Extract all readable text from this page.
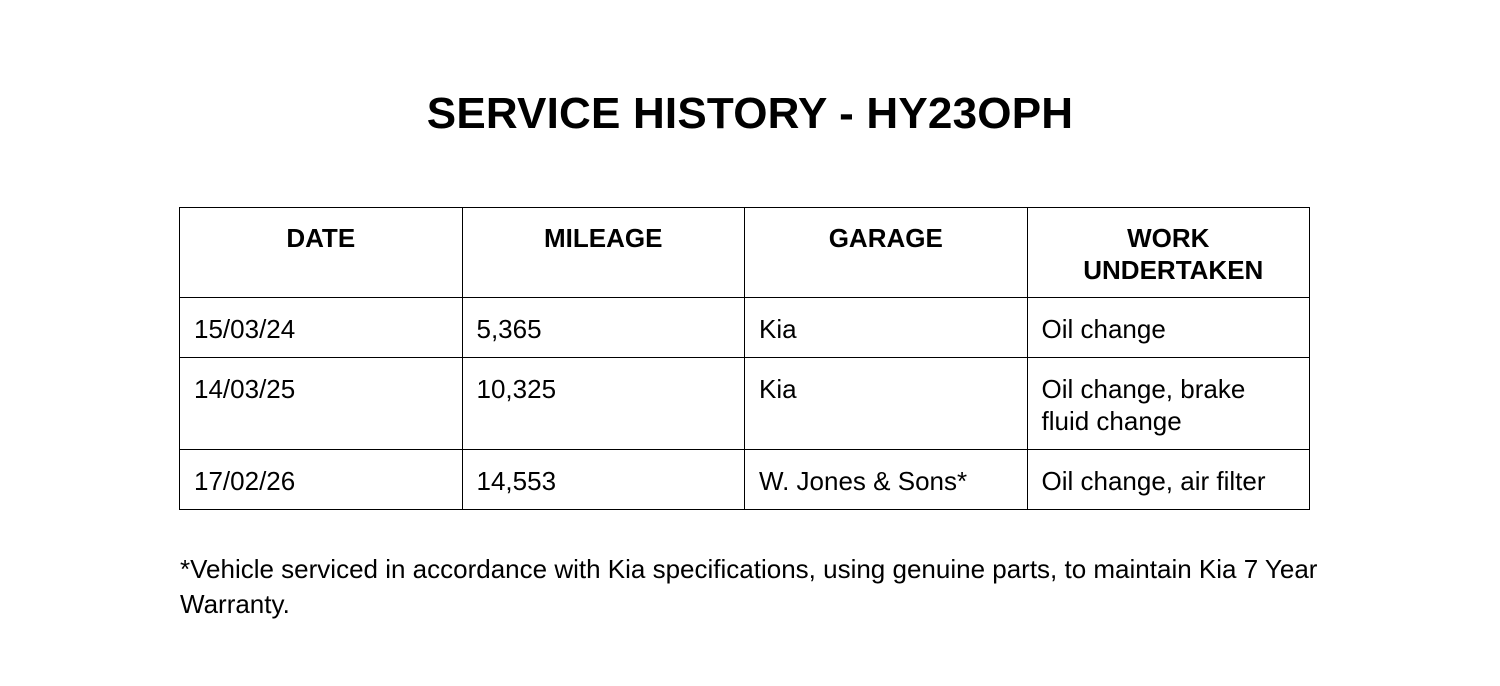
SERVICE HISTORY - HY23OPH
DATE	MILEAGE	GARAGE	WORK UNDERTAKEN
15/03/24	5,365	Kia	Oil change
14/03/25	10,325	Kia	Oil change, brake fluid change
17/02/26	14,553	W. Jones & Sons*	Oil change, air filter

*Vehicle serviced in accordance with Kia specifications, using genuine parts, to maintain Kia 7 Year Warranty.
